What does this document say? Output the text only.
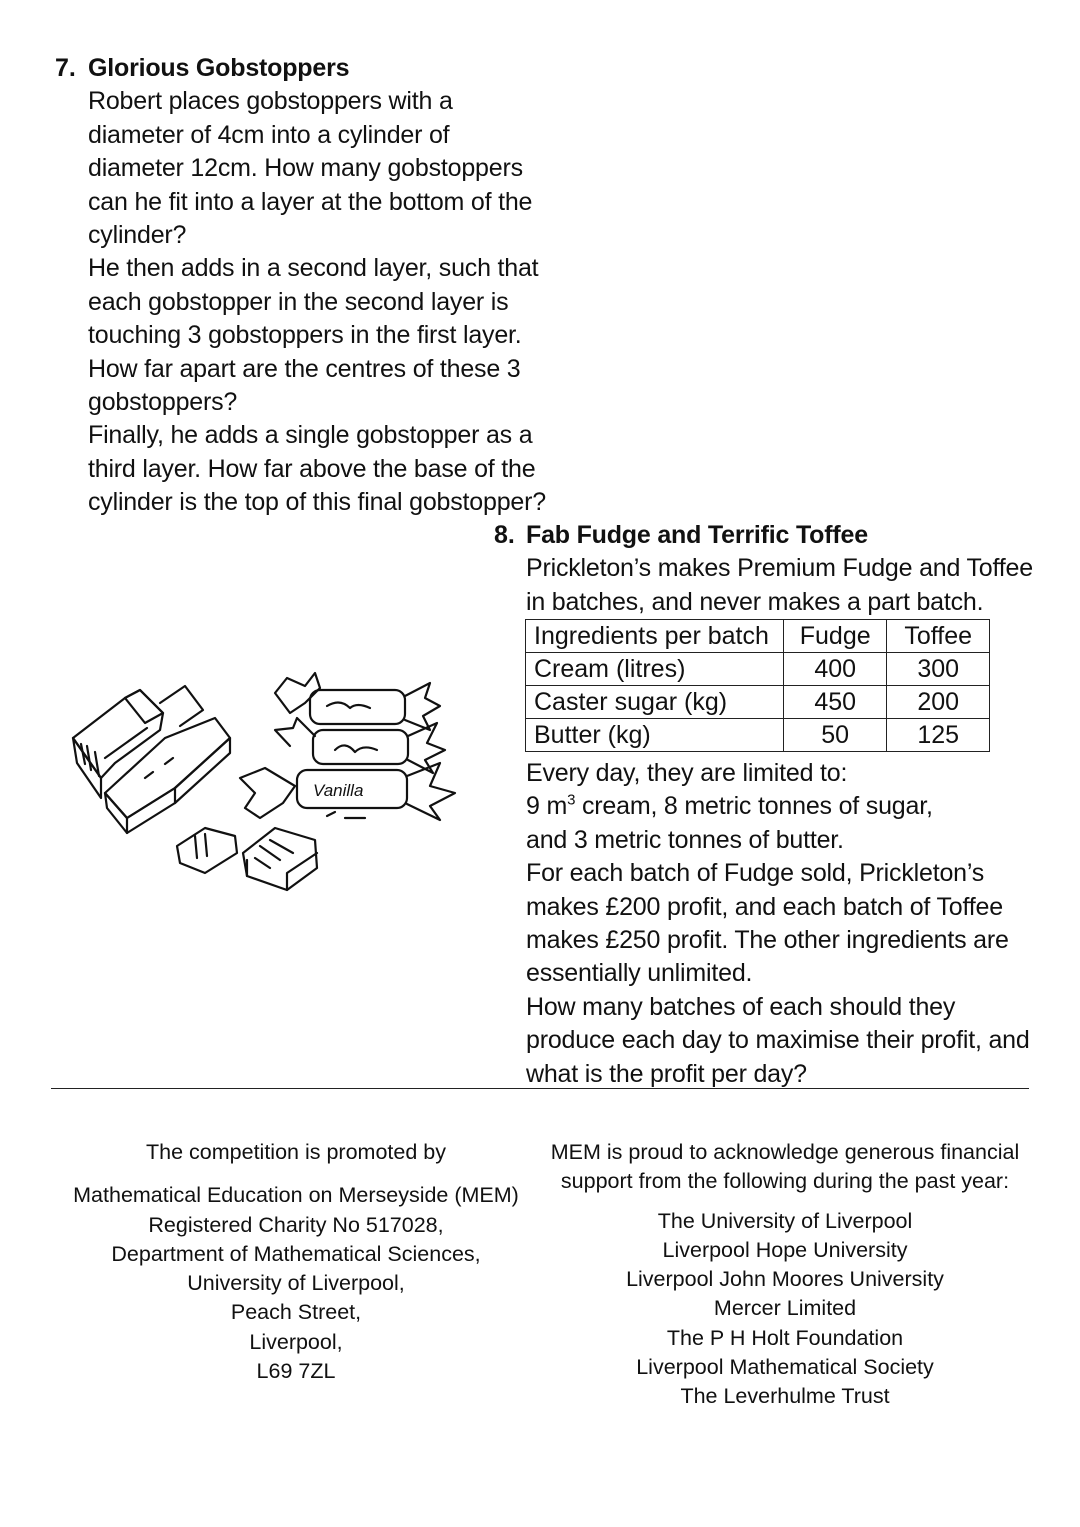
7. Glorious Gobstoppers
Robert places gobstoppers with a
diameter of 4cm into a cylinder of
diameter 12cm. How many gobstoppers
can he fit into a layer at the bottom of the
cylinder?
He then adds in a second layer, such that
each gobstopper in the second layer is
touching 3 gobstoppers in the first layer.
How far apart are the centres of these 3
gobstoppers?
Finally, he adds a single gobstopper as a
third layer. How far above the base of the
cylinder is the top of this final gobstopper?
8. Fab Fudge and Terrific Toffee
Prickleton’s makes Premium Fudge and Toffee
in batches, and never makes a part batch.
Ingredients per batch	Fudge	Toffee
Cream (litres)	400	300
Caster sugar (kg)	450	200
Butter (kg)	50	125
Every day, they are limited to:
9 $m^3$ cream, 8 metric tonnes of sugar,
and 3 metric tonnes of butter.
For each batch of Fudge sold, Prickleton’s
makes £200 profit, and each batch of Toffee
makes £250 profit. The other ingredients are
essentially unlimited.
How many batches of each should they
produce each day to maximise their profit, and
what is the profit per day?
Vanilla
The competition is promoted by
Mathematical Education on Merseyside (MEM)
Registered Charity No 517028,
Department of Mathematical Sciences,
University of Liverpool,
Peach Street,
Liverpool,
L69 7ZL
MEM is proud to acknowledge generous financial
support from the following during the past year:
The University of Liverpool
Liverpool Hope University
Liverpool John Moores University
Mercer Limited
The P H Holt Foundation
Liverpool Mathematical Society
The Leverhulme Trust
